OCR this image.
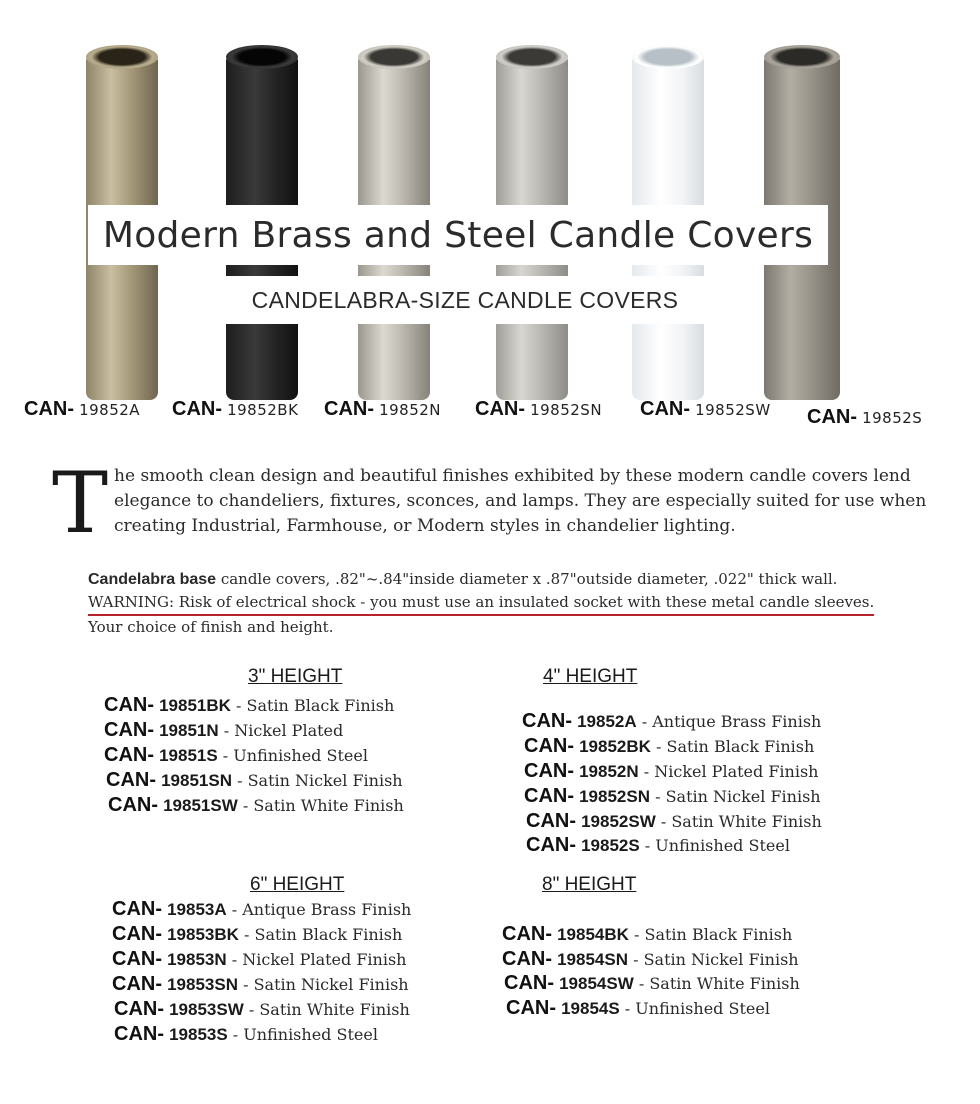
Modern Brass and Steel Candle Covers
CANDELABRA-SIZE CANDLE COVERS
CAN- 19852A CAN- 19852BK CAN- 19852N CAN- 19852SN CAN- 19852SW CAN- 19852S
T he smooth clean design and beautiful finishes exhibited by these modern candle covers lend elegance to chandeliers, fixtures, sconces, and lamps. They are especially suited for use when creating Industrial, Farmhouse, or Modern styles in chandelier lighting.

Candelabra base candle covers, .82"~.84"inside diameter x .87"outside diameter, .022" thick wall.
WARNING: Risk of electrical shock - you must use an insulated socket with these metal candle sleeves.
Your choice of finish and height.
3" HEIGHT
CAN- 19851BK - Satin Black Finish
CAN- 19851N - Nickel Plated
CAN- 19851S - Unfinished Steel
CAN- 19851SN - Satin Nickel Finish
CAN- 19851SW - Satin White Finish
4" HEIGHT
CAN- 19852A - Antique Brass Finish
CAN- 19852BK - Satin Black Finish
CAN- 19852N - Nickel Plated Finish
CAN- 19852SN - Satin Nickel Finish
CAN- 19852SW - Satin White Finish
CAN- 19852S - Unfinished Steel
6" HEIGHT
CAN- 19853A - Antique Brass Finish
CAN- 19853BK - Satin Black Finish
CAN- 19853N - Nickel Plated Finish
CAN- 19853SN - Satin Nickel Finish
CAN- 19853SW - Satin White Finish
CAN- 19853S - Unfinished Steel
8" HEIGHT
CAN- 19854BK - Satin Black Finish
CAN- 19854SN - Satin Nickel Finish
CAN- 19854SW - Satin White Finish
CAN- 19854S - Unfinished Steel
